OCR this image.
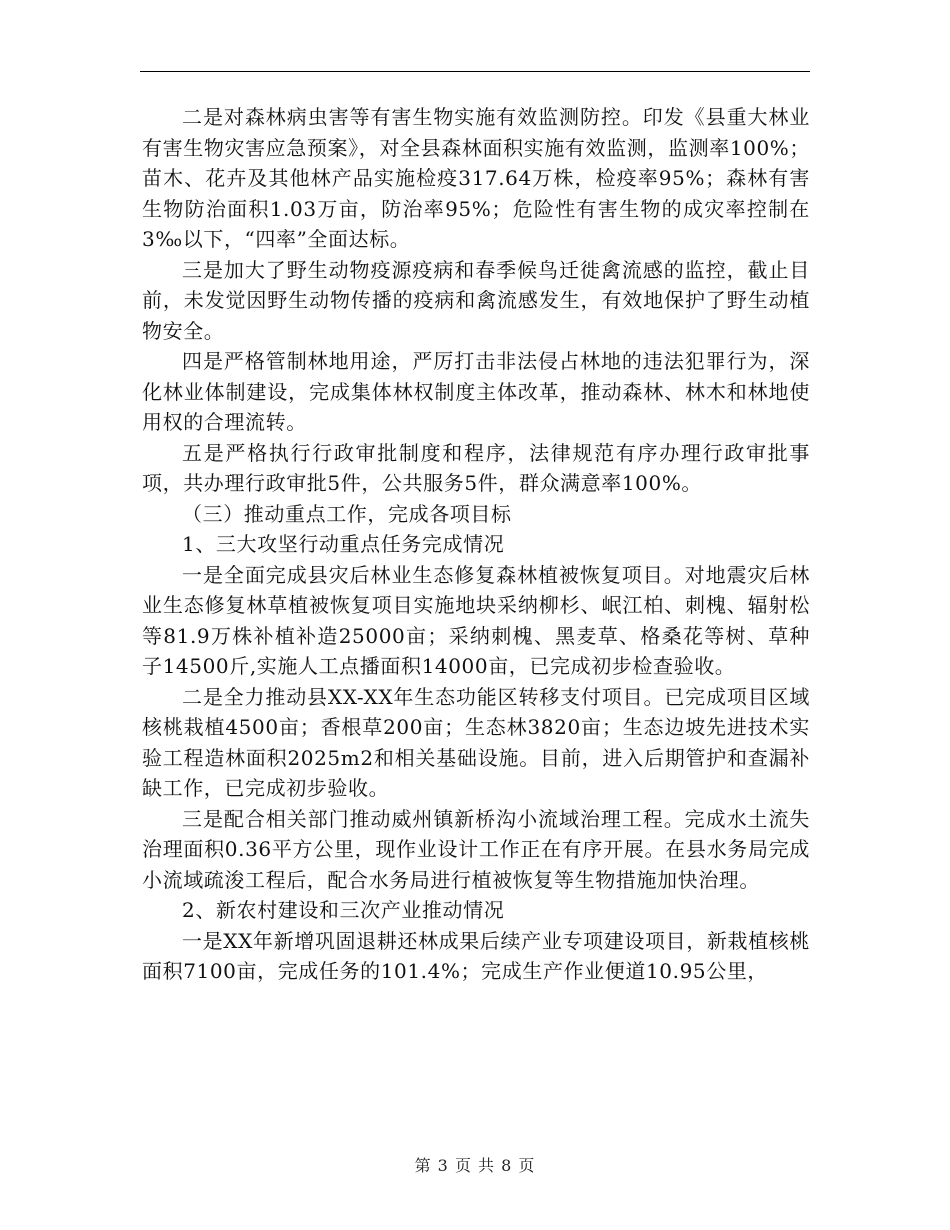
二是对森林病虫害等有害生物实施有效监测防控。印发《县重大林业有害生物灾害应急预案》，对全县森林面积实施有效监测，监测率100%；苗木、花卉及其他林产品实施检疫317.64万株，检疫率95%；森林有害生物防治面积1.03万亩，防治率95%；危险性有害生物的成灾率控制在3‰以下，“四率”全面达标。

三是加大了野生动物疫源疫病和春季候鸟迁徙禽流感的监控，截止目前，未发觉因野生动物传播的疫病和禽流感发生，有效地保护了野生动植物安全。

四是严格管制林地用途，严厉打击非法侵占林地的违法犯罪行为，深化林业体制建设，完成集体林权制度主体改革，推动森林、林木和林地使用权的合理流转。

五是严格执行行政审批制度和程序，法律规范有序办理行政审批事项，共办理行政审批5件，公共服务5件，群众满意率100%。

（三）推动重点工作，完成各项目标

1、三大攻坚行动重点任务完成情况

一是全面完成县灾后林业生态修复森林植被恢复项目。对地震灾后林业生态修复林草植被恢复项目实施地块采纳柳杉、岷江柏、刺槐、辐射松等81.9万株补植补造25000亩；采纳刺槐、黑麦草、格桑花等树、草种子14500斤,实施人工点播面积14000亩，已完成初步检查验收。

二是全力推动县XX-XX年生态功能区转移支付项目。已完成项目区域核桃栽植4500亩；香根草200亩；生态林3820亩；生态边坡先进技术实验工程造林面积2025m2和相关基础设施。目前，进入后期管护和查漏补缺工作，已完成初步验收。

三是配合相关部门推动威州镇新桥沟小流域治理工程。完成水土流失治理面积0.36平方公里，现作业设计工作正在有序开展。在县水务局完成小流域疏浚工程后，配合水务局进行植被恢复等生物措施加快治理。

2、新农村建设和三次产业推动情况

一是XX年新增巩固退耕还林成果后续产业专项建设项目，新栽植核桃面积7100亩，完成任务的101.4%；完成生产作业便道10.95公里，

第 3 页 共 8 页
